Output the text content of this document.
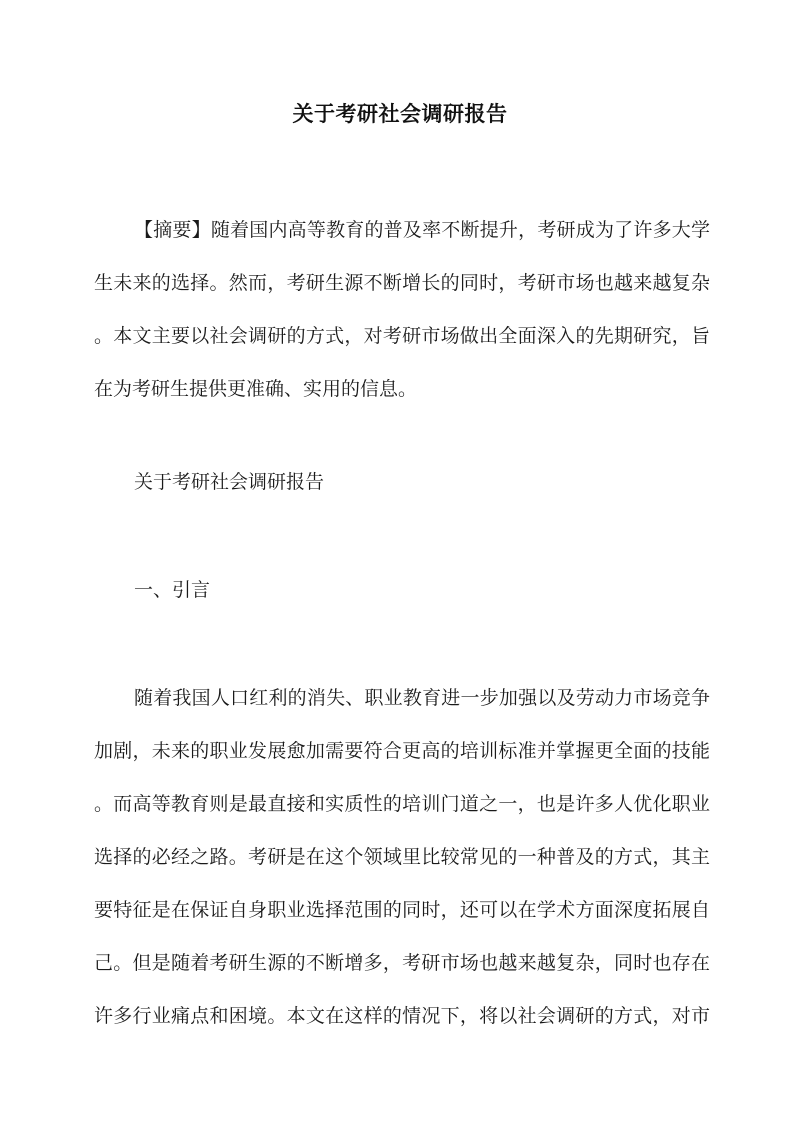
关于考研社会调研报告
【摘要】随着国内高等教育的普及率不断提升，考研成为了许多大学
生未来的选择。然而，考研生源不断增长的同时，考研市场也越来越复杂
。本文主要以社会调研的方式，对考研市场做出全面深入的先期研究，旨
在为考研生提供更准确、实用的信息。
关于考研社会调研报告
一、引言
随着我国人口红利的消失、职业教育进一步加强以及劳动力市场竞争
加剧，未来的职业发展愈加需要符合更高的培训标准并掌握更全面的技能
。而高等教育则是最直接和实质性的培训门道之一，也是许多人优化职业
选择的必经之路。考研是在这个领域里比较常见的一种普及的方式，其主
要特征是在保证自身职业选择范围的同时，还可以在学术方面深度拓展自
己。但是随着考研生源的不断增多，考研市场也越来越复杂，同时也存在
许多行业痛点和困境。本文在这样的情况下，将以社会调研的方式，对市
